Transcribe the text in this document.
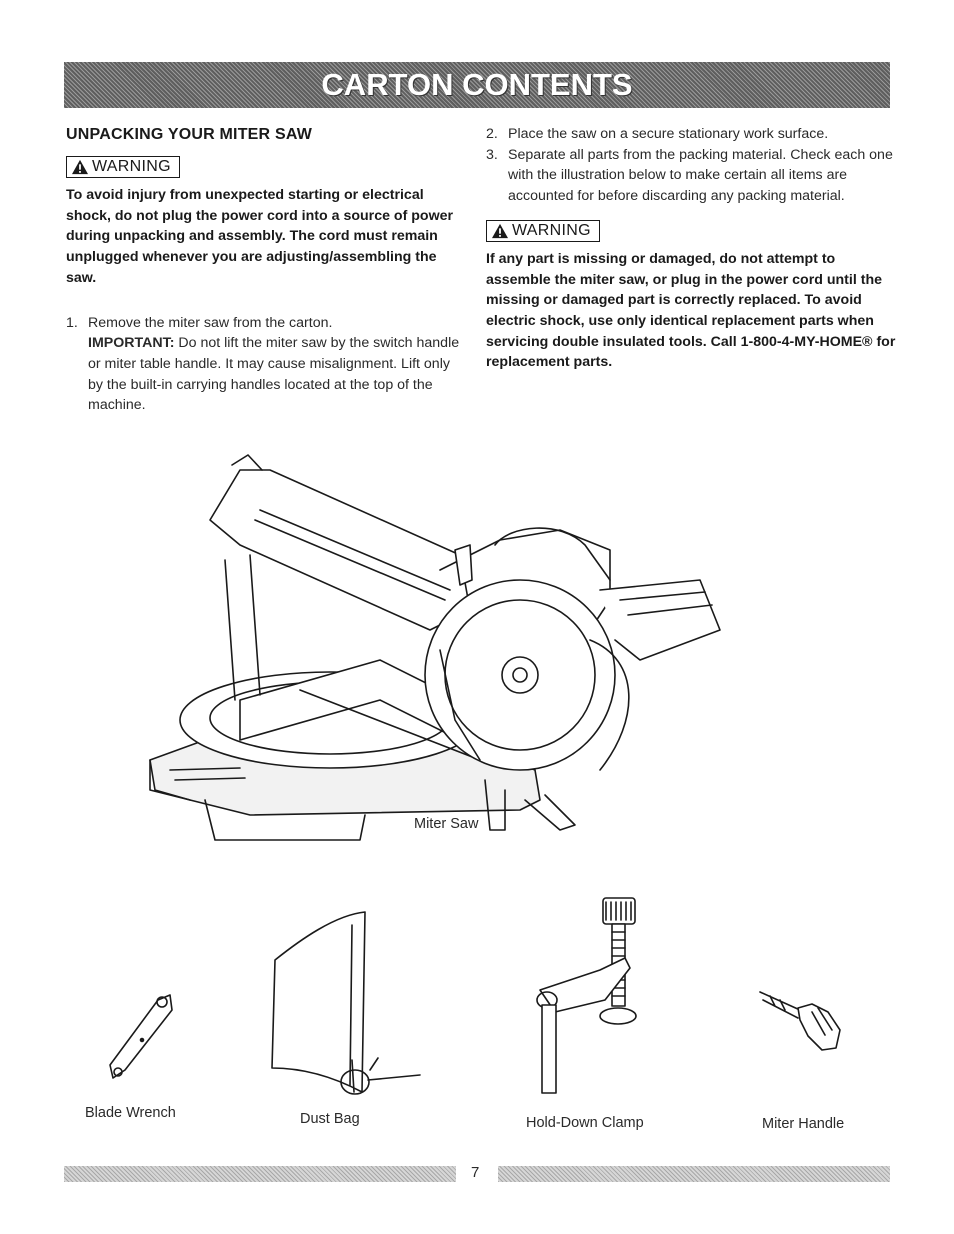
CARTON CONTENTS
UNPACKING YOUR MITER SAW
WARNING

To avoid injury from unexpected starting or electrical shock, do not plug the power cord into a source of power during unpacking and assembly. The cord must remain unplugged whenever you are adjusting/assembling the saw.

1. Remove the miter saw from the carton.
IMPORTANT: Do not lift the miter saw by the switch handle or miter table handle. It may cause misalignment. Lift only by the built-in carrying handles located at the top of the machine.
2. Place the saw on a secure stationary work surface.
3. Separate all parts from the packing material. Check each one with the illustration below to make certain all items are accounted for before discarding any packing material.
WARNING

If any part is missing or damaged, do not attempt to assemble the miter saw, or plug in the power cord until the missing or damaged part is correctly replaced. To avoid electric shock, use only identical replacement parts when servicing double insulated tools. Call 1-800-4-MY-HOME® for replacement parts.

Miter Saw
Blade Wrench	Dust Bag	Hold-Down Clamp	Miter Handle
7
